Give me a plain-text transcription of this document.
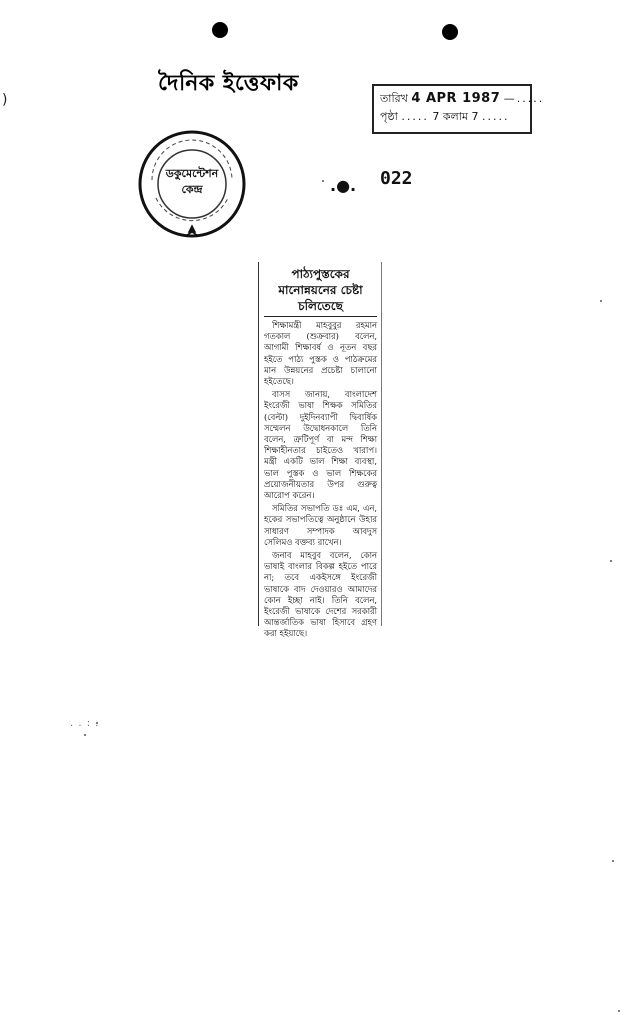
)
দৈনিক ইত্তেফাক
তারিখ 4 APR 1987 —.....
পৃষ্ঠা ..... 7 কলাম 7 .....
ডকুমেন্টেশন
কেন্দ্র	.●. 022
পাঠ্যপুস্তকের মানোন্নয়নের চেষ্টা চলিতেছে

শিক্ষামন্ত্রী মাহবুবুর রহমান গতকাল (শুক্রবার) বলেন, আগামী শিক্ষাবর্ষ ও নূতন বছর হইতে পাঠ্য পুস্তক ও পাঠক্রমের মান উন্নয়নের প্রচেষ্টা চালানো হইতেছে।

বাসস জানায়, বাংলাদেশ ইংরেজী ভাষা শিক্ষক সমিতির (বেল্টা) দুইদিনব্যাপী দ্বিবার্ষিক সম্মেলন উদ্বোধনকালে তিনি বলেন, ত্রুটিপূর্ণ বা মন্দ শিক্ষা শিক্ষাহীনতার চাইতেও খারাপ। মন্ত্রী একটি ভাল শিক্ষা ব্যবস্থা, ভাল পুস্তক ও ভাল শিক্ষকের প্রয়োজনীয়তার উপর গুরুত্ব আরোপ করেন।

সমিতির সভাপতি ডঃ এম, এন, হকের সভাপতিত্বে অনুষ্ঠানে উহার সাধারণ সম্পাদক আবদুস সেলিমও বক্তব্য রাখেন।

জনাব মাহবুব বলেন, কোন ভাষাই বাংলার বিকল্প হইতে পারে না; তবে একইসঙ্গে ইংরেজী ভাষাকে বাদ দেওয়ারও আমাদের কোন ইচ্ছা নাই। তিনি বলেন, ইংরেজী ভাষাকে দেশের সরকারী আন্তর্জাতিক ভাষা হিসাবে গ্রহণ করা হইয়াছে।

. . : .
